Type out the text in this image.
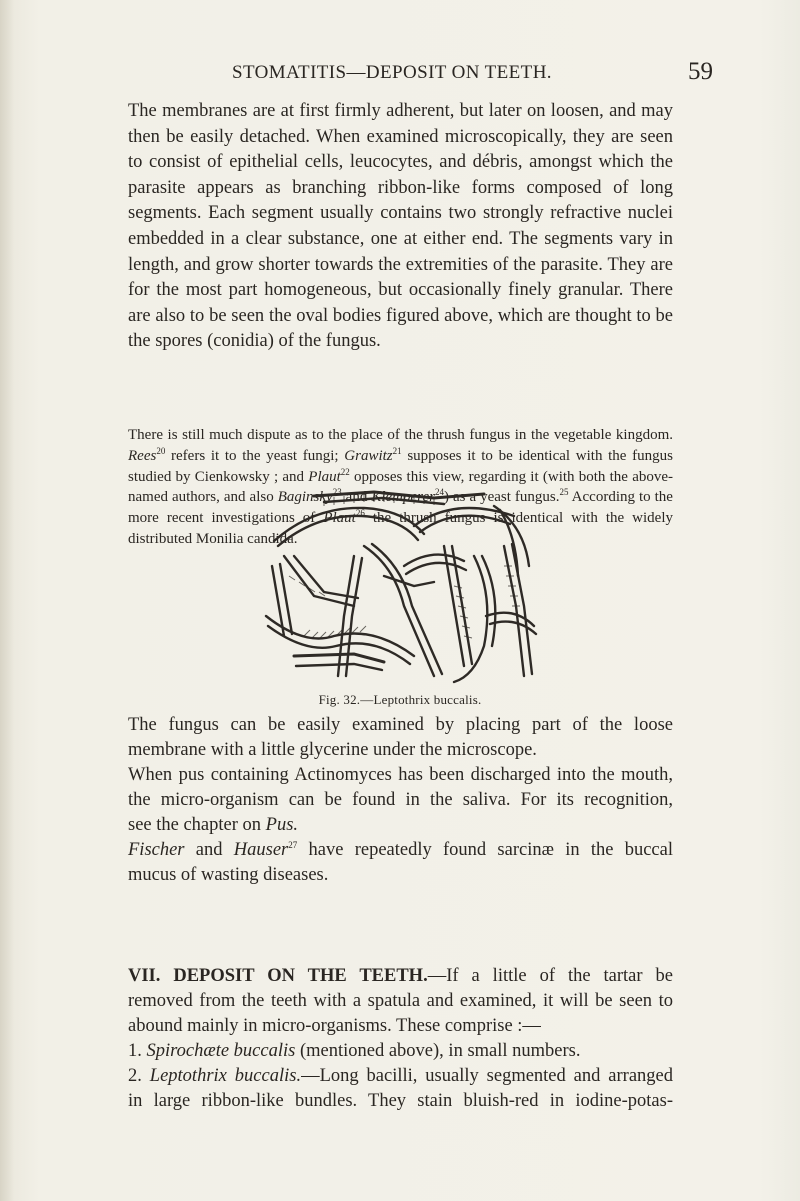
STOMATITIS—DEPOSIT ON TEETH.	59

The membranes are at first firmly adherent, but later on loosen, and may then be easily detached. When examined microscopically, they are seen to consist of epithelial cells, leucocytes, and débris, amongst which the parasite appears as branching ribbon-like forms composed of long segments. Each segment usually contains two strongly refractive nuclei embedded in a clear substance, one at either end. The segments vary in length, and grow shorter towards the extremities of the parasite. They are for the most part homogeneous, but occasionally finely granular. There are also to be seen the oval bodies figured above, which are thought to be the spores (conidia) of the fungus.

There is still much dispute as to the place of the thrush fungus in the vegetable kingdom. Rees$^{20}$ refers it to the yeast fungi; Grawitz$^{21}$ supposes it to be identical with the fungus studied by Cienkowsky ; and Plaut$^{22}$ opposes this view, regarding it (with both the above-named authors, and also Baginsky$^{23}$ and Klemperer$^{24}$) as a yeast fungus.$^{25}$ According to the more recent investigations of Plaut$^{26}$ the thrush fungus is identical with the widely distributed Monilia candida.

Fig. 32.—Leptothrix buccalis.
The fungus can be easily examined by placing part of the loose
membrane with a little glycerine under the microscope.
When pus containing Actinomyces has been discharged into the mouth,
the micro-organism can be found in the saliva. For its recognition,
see the chapter on Pus.
Fischer and Hauser$^{27}$ have repeatedly found sarcinæ in the buccal
mucus of wasting diseases.
VII. DEPOSIT ON THE TEETH.—If a little of the tartar be
removed from the teeth with a spatula and examined, it will be seen to
abound mainly in micro-organisms. These comprise :—
1. Spirochæte buccalis (mentioned above), in small numbers.
2. Leptothrix buccalis.—Long bacilli, usually segmented and arranged
in large ribbon-like bundles. They stain bluish-red in iodine-potas-
